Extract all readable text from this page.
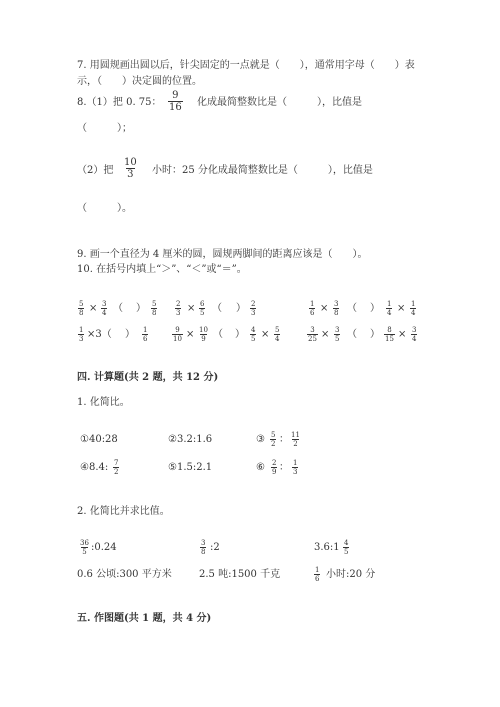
7. 用圆规画出圆以后，针尖固定的一点就是（　　），通常用字母（　　）表
示，（　　）决定圆的位置。
8.（1）把 0. 75： $\frac{9}{16}$ 化成最简整数比是（　　　），比值是
（　　　）；
（2）把 $\frac{10}{3}$ 小时：25 分化成最简整数比是（　　　），比值是
（　　　）。
9. 画一个直径为 4 厘米的圆，圆规两脚间的距离应该是（　　）。
10. 在括号内填上“＞”、“＜”或“＝”。
$\frac{5}{8} \times \frac{3}{4}$ （ ） $\frac{5}{8}$	$\frac{2}{3} \times \frac{6}{5}$ （ ） $\frac{2}{3}$	$\frac{1}{6} \times \frac{3}{8}$ （ ） $\frac{1}{4} \times \frac{1}{4}$
$\frac{1}{3} \times 3$（ ） $\frac{1}{6}$	$\frac{9}{10} \times \frac{10}{9}$ （ ） $\frac{4}{5} \times \frac{5}{4}$	$\frac{3}{25} \times \frac{3}{5}$ （ ） $\frac{8}{15} \times \frac{3}{4}$
四. 计算题(共 2 题，共 12 分)
1. 化简比。
①40:28	②3.2:1.6	③ $\frac{5}{2}$ ： $\frac{11}{2}$
④8.4: $\frac{7}{2}$	⑤1.5:2.1	⑥ $\frac{2}{9}$ ： $\frac{1}{3}$
2. 化简比并求比值。
$\frac{36}{5}$ :0.24	$\frac{3}{8}$ :2	3.6:1 $\frac{4}{5}$
0.6 公顷:300 平方米	2.5 吨:1500 千克	$\frac{1}{6}$ 小时:20 分
五. 作图题(共 1 题，共 4 分)
